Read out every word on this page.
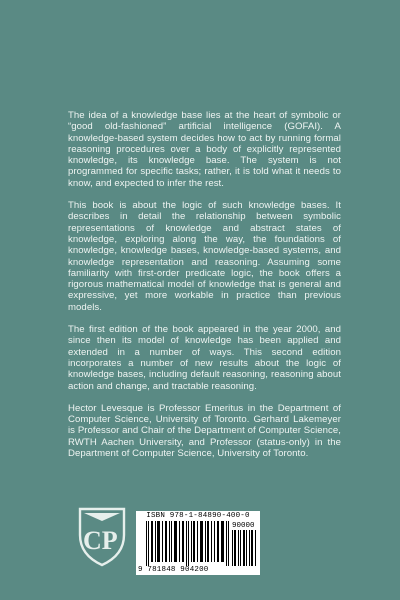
The idea of a knowledge base lies at the heart of symbolic or “good old-fashioned” artificial intelligence (GOFAI). A knowledge-based system decides how to act by running formal reasoning procedures over a body of explicitly represented knowledge, its knowledge base. The system is not programmed for specific tasks; rather, it is told what it needs to know, and expected to infer the rest.

This book is about the logic of such knowledge bases. It describes in detail the relationship between symbolic representations of knowledge and abstract states of knowledge, exploring along the way, the foundations of knowledge, knowledge bases, knowledge-based systems, and knowledge representation and reasoning. Assuming some familiarity with first-order predicate logic, the book offers a rigorous mathematical model of knowledge that is general and expressive, yet more workable in practice than previous models.

The first edition of the book appeared in the year 2000, and since then its model of knowledge has been applied and extended in a number of ways. This second edition incorporates a number of new results about the logic of knowledge bases, including default reasoning, reasoning about action and change, and tractable reasoning.

Hector Levesque is Professor Emeritus in the Department of Computer Science, University of Toronto. Gerhard Lakemeyer is Professor and Chair of the Department of Computer Science, RWTH Aachen University, and Professor (status-only) in the Department of Computer Science, University of Toronto.

CP
ISBN 978-1-84890-400-0
90000
9 781848 904200
